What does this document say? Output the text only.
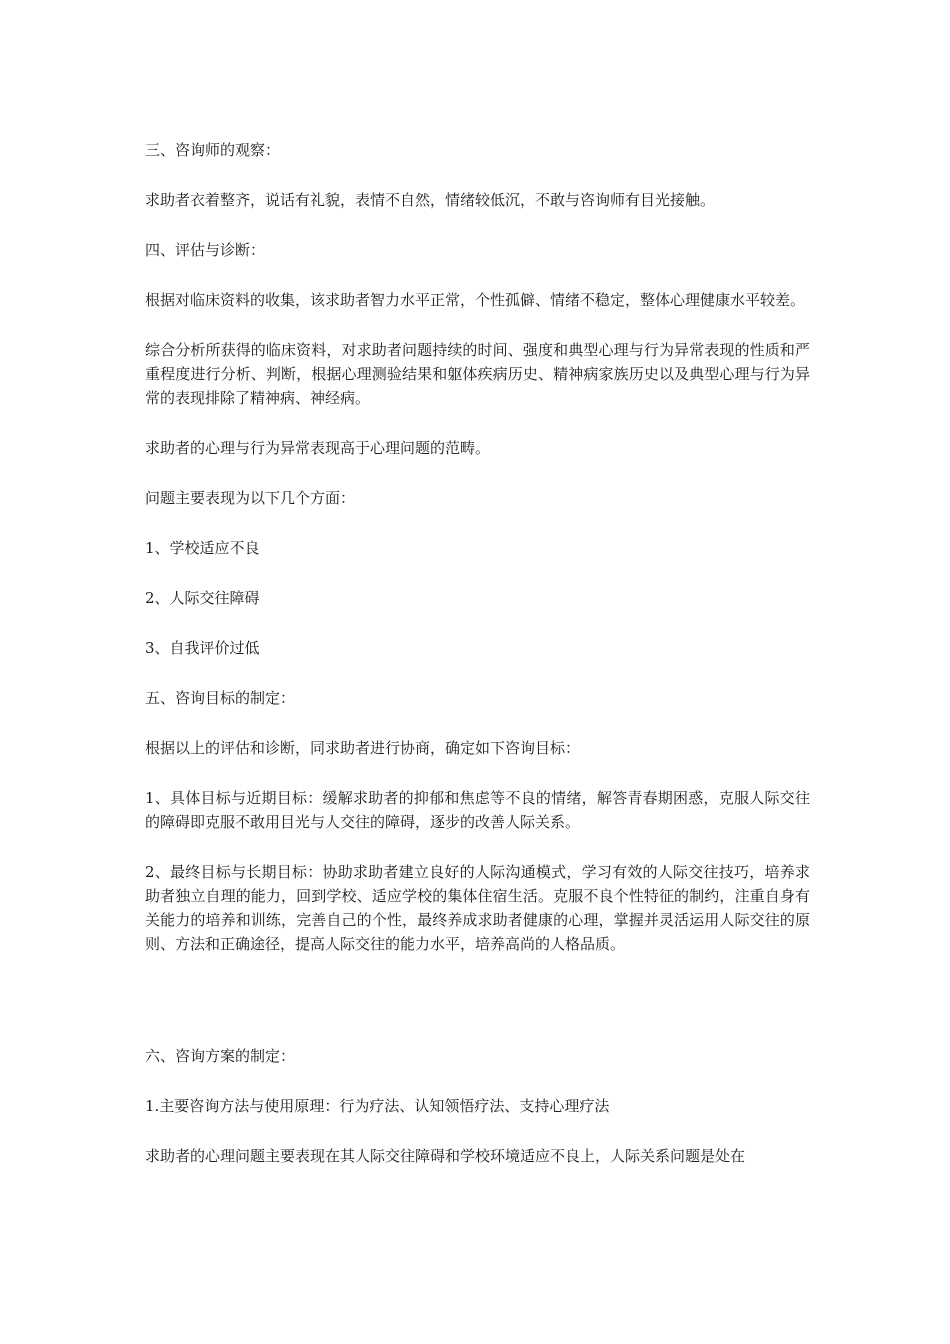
三、咨询师的观察：

求助者衣着整齐，说话有礼貌，表情不自然，情绪较低沉，不敢与咨询师有目光接触。

四、评估与诊断：

根据对临床资料的收集，该求助者智力水平正常，个性孤僻、情绪不稳定，整体心理健康水平较差。

综合分析所获得的临床资料，对求助者问题持续的时间、强度和典型心理与行为异常表现的性质和严重程度进行分析、判断，根据心理测验结果和躯体疾病历史、精神病家族历史以及典型心理与行为异常的表现排除了精神病、神经病。

求助者的心理与行为异常表现高于心理问题的范畴。

问题主要表现为以下几个方面：

1、学校适应不良

2、人际交往障碍

3、自我评价过低

五、咨询目标的制定：

根据以上的评估和诊断，同求助者进行协商，确定如下咨询目标：

1、具体目标与近期目标：缓解求助者的抑郁和焦虑等不良的情绪，解答青春期困惑，克服人际交往的障碍即克服不敢用目光与人交往的障碍，逐步的改善人际关系。

2、最终目标与长期目标：协助求助者建立良好的人际沟通模式，学习有效的人际交往技巧，培养求助者独立自理的能力，回到学校、适应学校的集体住宿生活。克服不良个性特征的制约，注重自身有关能力的培养和训练，完善自己的个性，最终养成求助者健康的心理，掌握并灵活运用人际交往的原则、方法和正确途径，提高人际交往的能力水平，培养高尚的人格品质。

六、咨询方案的制定：

1.主要咨询方法与使用原理：行为疗法、认知领悟疗法、支持心理疗法

求助者的心理问题主要表现在其人际交往障碍和学校环境适应不良上，人际关系问题是处在
